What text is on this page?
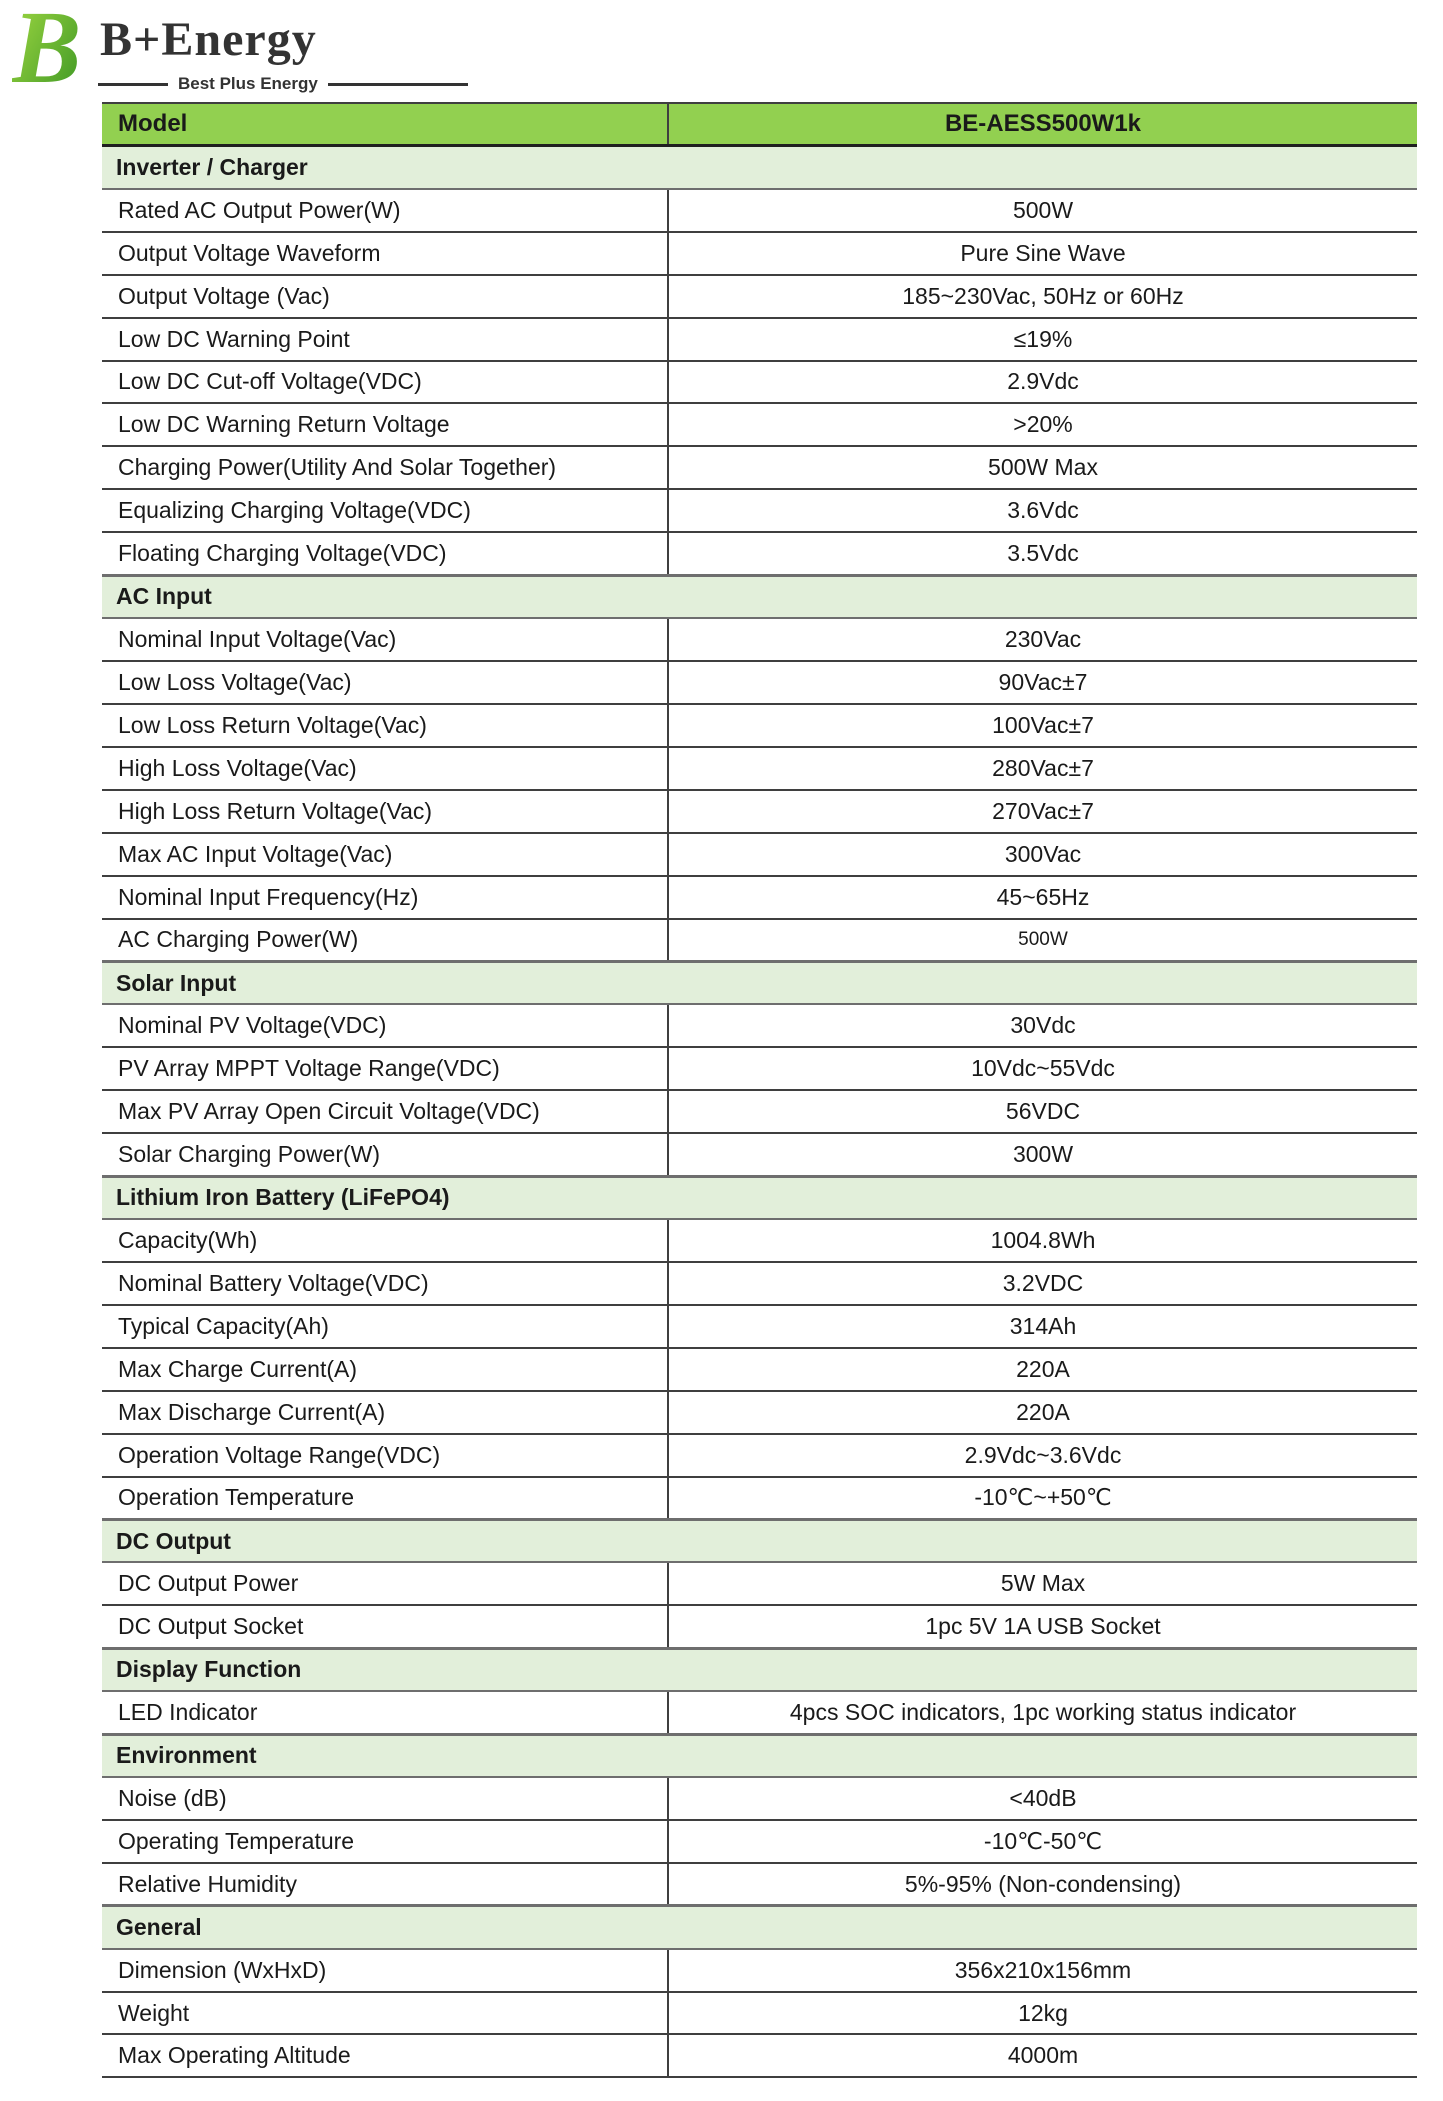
B B+Energy
Best Plus Energy
Model	BE-AESS500W1k
Inverter / Charger	
Rated AC Output Power(W)	500W
Output Voltage Waveform	Pure Sine Wave
Output Voltage (Vac)	185~230Vac, 50Hz or 60Hz
Low DC Warning Point	≤19%
Low DC Cut-off Voltage(VDC)	2.9Vdc
Low DC Warning Return Voltage	>20%
Charging Power(Utility And Solar Together)	500W Max
Equalizing Charging Voltage(VDC)	3.6Vdc
Floating Charging Voltage(VDC)	3.5Vdc
AC Input	
Nominal Input Voltage(Vac)	230Vac
Low Loss Voltage(Vac)	90Vac±7
Low Loss Return Voltage(Vac)	100Vac±7
High Loss Voltage(Vac)	280Vac±7
High Loss Return Voltage(Vac)	270Vac±7
Max AC Input Voltage(Vac)	300Vac
Nominal Input Frequency(Hz)	45~65Hz
AC Charging Power(W)	500W
Solar Input	
Nominal PV Voltage(VDC)	30Vdc
PV Array MPPT Voltage Range(VDC)	10Vdc~55Vdc
Max PV Array Open Circuit Voltage(VDC)	56VDC
Solar Charging Power(W)	300W
Lithium Iron Battery (LiFePO4)	
Capacity(Wh)	1004.8Wh
Nominal Battery Voltage(VDC)	3.2VDC
Typical Capacity(Ah)	314Ah
Max Charge Current(A)	220A
Max Discharge Current(A)	220A
Operation Voltage Range(VDC)	2.9Vdc~3.6Vdc
Operation Temperature	-10℃~+50℃
DC Output	
DC Output Power	5W Max
DC Output Socket	1pc 5V 1A USB Socket
Display Function	
LED Indicator	4pcs SOC indicators, 1pc working status indicator
Environment	
Noise (dB)	<40dB
Operating Temperature	-10℃-50℃
Relative Humidity	5%-95% (Non-condensing)
General	
Dimension (WxHxD)	356x210x156mm
Weight	12kg
Max Operating Altitude	4000m
